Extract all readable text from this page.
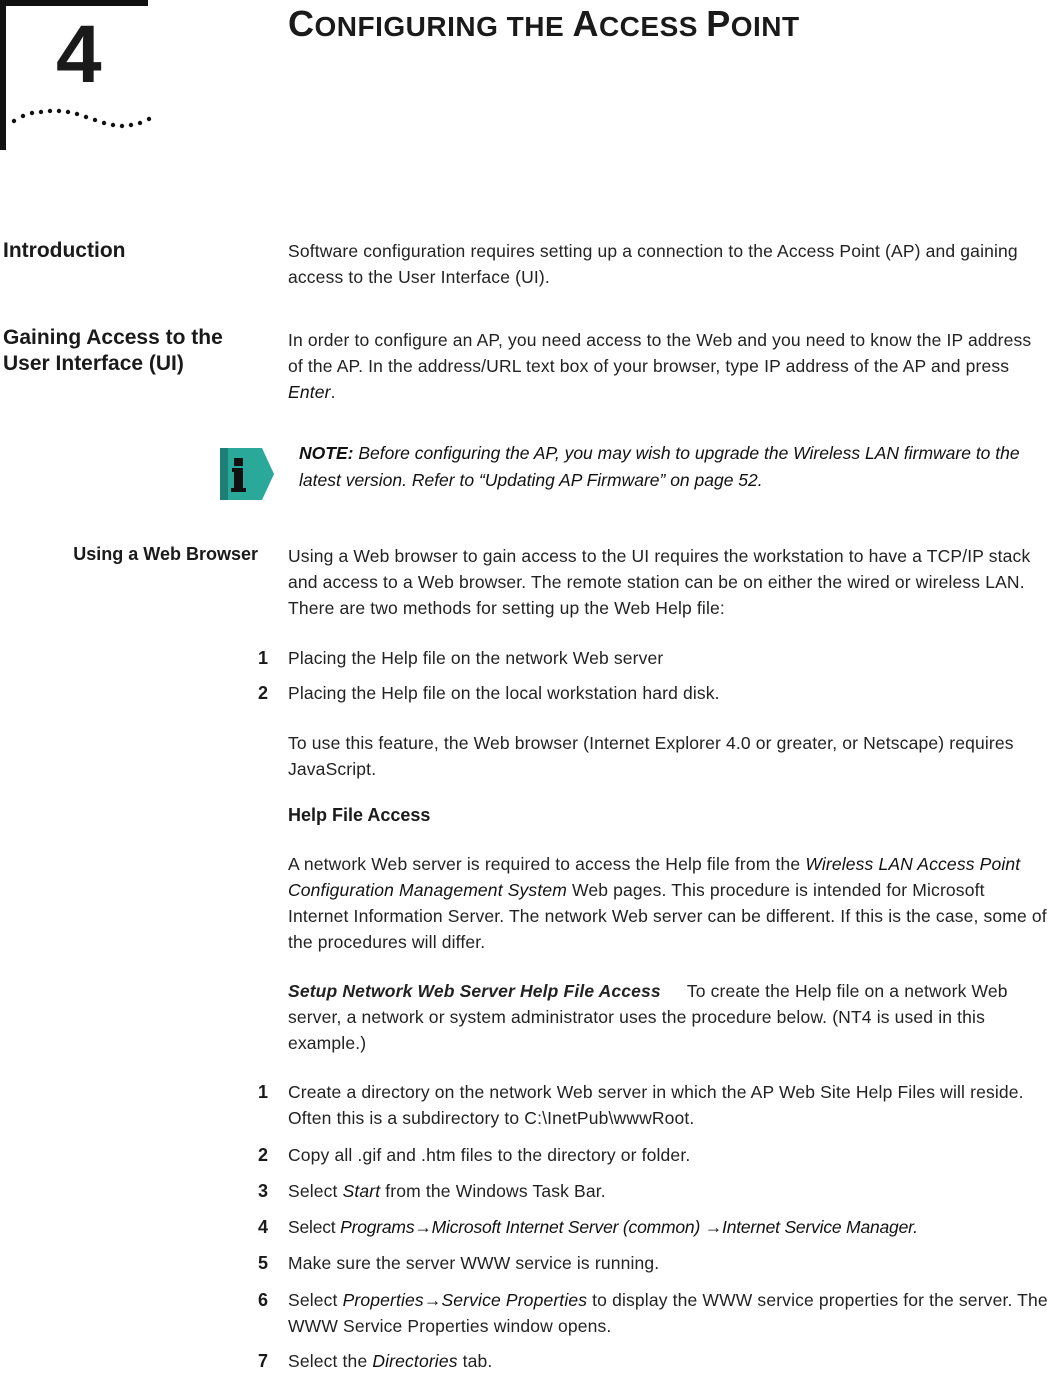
4	CONFIGURING THE ACCESS POINT
Introduction	Software configuration requires setting up a connection to the Access Point (AP) and gaining access to the User Interface (UI).

Gaining Access to the
User Interface (UI)

In order to configure an AP, you need access to the Web and you need to know the IP address of the AP. In the address/URL text box of your browser, type IP address of the AP and press Enter.

NOTE: Before configuring the AP, you may wish to upgrade the Wireless LAN firmware to the latest version. Refer to “Updating AP Firmware” on page 52.

Using a Web Browser Using a Web browser to gain access to the UI requires the workstation to have a TCP/IP stack and access to a Web browser. The remote station can be on either the wired or wireless LAN. There are two methods for setting up the Web Help file:

1 Placing the Help file on the network Web server

2 Placing the Help file on the local workstation hard disk.

To use this feature, the Web browser (Internet Explorer 4.0 or greater, or Netscape) requires JavaScript.

Help File Access

A network Web server is required to access the Help file from the Wireless LAN Access Point Configuration Management System Web pages. This procedure is intended for Microsoft Internet Information Server. The network Web server can be different. If this is the case, some of the procedures will differ.

Setup Network Web Server Help File Access To create the Help file on a network Web server, a network or system administrator uses the procedure below. (NT4 is used in this example.)

1 Create a directory on the network Web server in which the AP Web Site Help Files will reside. Often this is a subdirectory to C:\InetPub\wwwRoot.

2 Copy all .gif and .htm files to the directory or folder.

3 Select Start from the Windows Task Bar.

4 Select Programs→Microsoft Internet Server (common) →Internet Service Manager.

5 Make sure the server WWW service is running.

6 Select Properties→Service Properties to display the WWW service properties for the server. The WWW Service Properties window opens.

7 Select the Directories tab.
